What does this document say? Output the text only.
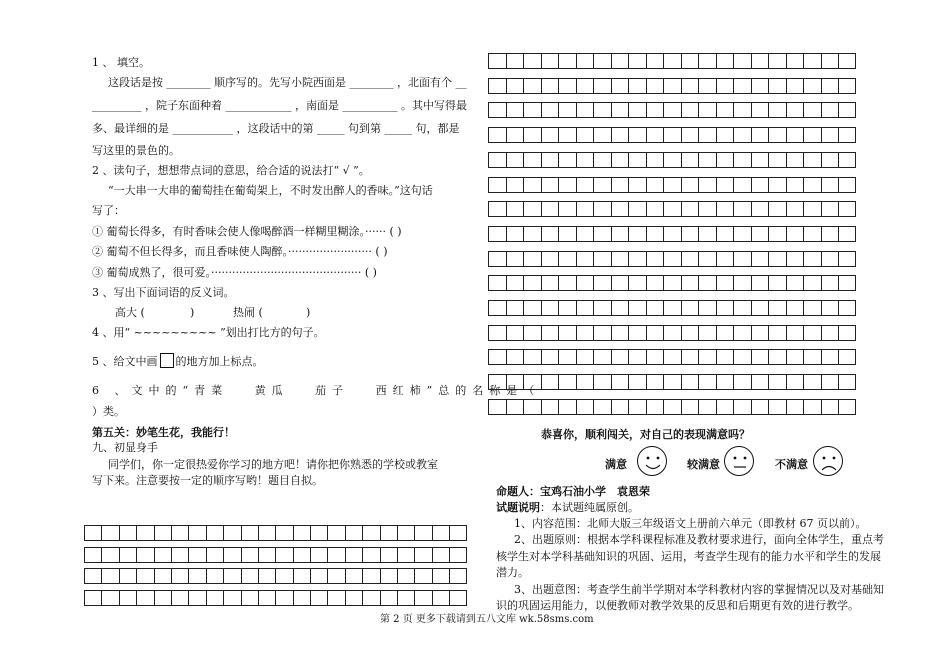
1 、 填空。
这段话是按 ________ 顺序写的。先写小院西面是 ________ ，北面有个 __
_________ ，院子东面种着 ____________ ，南面是 __________ 。其中写得最
多、最详细的是 ___________ ，这段话中的第 _____ 句到第 _____ 句，都是
写这里的景色的。
2 、读句子，想想带点词的意思，给合适的说法打“ √ ”。
“一大串一大串的葡萄挂在葡萄架上，不时发出醉人的香味。”这句话
写了：
① 葡萄长得多，有时香味会使人像喝醉酒一样糊里糊涂。······ ( )
② 葡萄不但长得多，而且香味使人陶醉。························ ( )
③ 葡萄成熟了，很可爱。··········································· ( )
3 、写出下面词语的反义词。
高大 (	)	热闹 (	)
4 、用“ ~~~~~~~~~ ”划出打比方的句子。
5 、给文中画 的地方加上标点。
6 、文中的“青菜　 黄瓜　 茄子　 西红柿”总的名称是（
）类。
第五关：妙笔生花，我能行！
九、初显身手
同学们，你一定很热爱你学习的地方吧！请你把你熟悉的学校或教室
写下来。注意要按一定的顺序写哟！题目自拟。
恭喜你，顺利闯关，对自己的表现满意吗？
满意	较满意	不满意
命题人：宝鸡石油小学　袁恩荣
试题说明：本试题纯属原创。
1、内容范围：北师大版三年级语文上册前六单元（即教材 67 页以前）。
2、出题原则：根据本学科课程标准及教材要求进行，面向全体学生，重点考
核学生对本学科基础知识的巩固、运用，考查学生现有的能力水平和学生的发展
潜力。
3、出题意图：考查学生前半学期对本学科教材内容的掌握情况以及对基础知
识的巩固运用能力，以便教师对教学效果的反思和后期更有效的进行教学。
第 2 页 更多下载请到五八文库 wk.58sms.com
